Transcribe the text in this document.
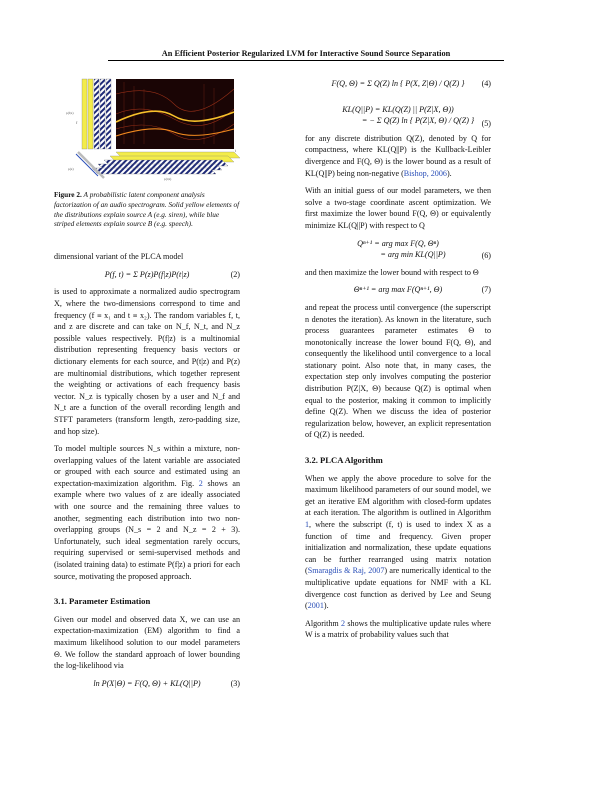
An Efficient Posterior Regularized LVM for Interactive Sound Source Separation
p(f|z)
f
p(z)
p(t|z)
t
Figure 2. A probabilistic latent component analysis factorization of an audio spectrogram. Solid yellow elements of the distributions explain source A (e.g. siren), while blue striped elements explain source B (e.g. speech).

dimensional variant of the PLCA model

P(f, t) = Σ P(z)P(f|z)P(t|z)	(2)

is used to approximate a normalized audio spectrogram X, where the two-dimensions correspond to time and frequency (f ≡ x₁ and t ≡ x₂). The random variables f, t, and z are discrete and can take on N_f, N_t, and N_z possible values respectively. P(f|z) is a multinomial distribution representing frequency basis vectors or dictionary elements for each source, and P(t|z) and P(z) are multinomial distributions, which together represent the weighting or activations of each frequency basis vector. N_z is typically chosen by a user and N_f and N_t are a function of the overall recording length and STFT parameters (transform length, zero-padding size, and hop size).

To model multiple sources N_s within a mixture, non-overlapping values of the latent variable are associated or grouped with each source and estimated using an expectation-maximization algorithm. Fig. 2 shows an example where two values of z are ideally associated with one source and the remaining three values to another, segmenting each distribution into two non-overlapping groups (N_s = 2 and N_z = 2 + 3). Unfortunately, such ideal segmentation rarely occurs, requiring supervised or semi-supervised methods and (isolated training data) to estimate P(f|z) a priori for each source, motivating the proposed approach.

3.1. Parameter Estimation

Given our model and observed data X, we can use an expectation-maximization (EM) algorithm to find a maximum likelihood solution to our model parameters Θ. We follow the standard approach of lower bounding the log-likelihood via

ln P(X|Θ) = F(Q, Θ) + KL(Q||P)	(3)
F(Q, Θ) = Σ Q(Z) ln { P(X, Z|Θ) / Q(Z) } (4)
KL(Q||P) = KL(Q(Z) || P(Z|X, Θ))
= − Σ Q(Z) ln { P(Z|X, Θ) / Q(Z) } (5)

for any discrete distribution Q(Z), denoted by Q for compactness, where KL(Q||P) is the Kullback-Leibler divergence and F(Q, Θ) is the lower bound as a result of KL(Q||P) being non-negative (Bishop, 2006).

With an initial guess of our model parameters, we then solve a two-stage coordinate ascent optimization. We first maximize the lower bound F(Q, Θ) or equivalently minimize KL(Q||P) with respect to Q

Qⁿ⁺¹ = arg max F(Q, Θⁿ)
= arg min KL(Q||P)	(6)

and then maximize the lower bound with respect to Θ

Θⁿ⁺¹ = arg max F(Qⁿ⁺¹, Θ)	(7)

and repeat the process until convergence (the superscript n denotes the iteration). As known in the literature, such process guarantees parameter estimates Θ to monotonically increase the lower bound F(Q, Θ), and consequently the likelihood until convergence to a local stationary point. Also note that, in many cases, the expectation step only involves computing the posterior distribution P(Z|X, Θ) because Q(Z) is optimal when equal to the posterior, making it common to implicitly define Q(Z). When we discuss the idea of posterior regularization below, however, an explicit representation of Q(Z) is needed.

3.2. PLCA Algorithm

When we apply the above procedure to solve for the maximum likelihood parameters of our sound model, we get an iterative EM algorithm with closed-form updates at each iteration. The algorithm is outlined in Algorithm 1, where the subscript (f, t) is used to index X as a function of time and frequency. Given proper initialization and normalization, these update equations can be further rearranged using matrix notation (Smaragdis & Raj, 2007) are numerically identical to the multiplicative update equations for NMF with a KL divergence cost function as derived by Lee and Seung (2001).

Algorithm 2 shows the multiplicative update rules where W is a matrix of probability values such that
